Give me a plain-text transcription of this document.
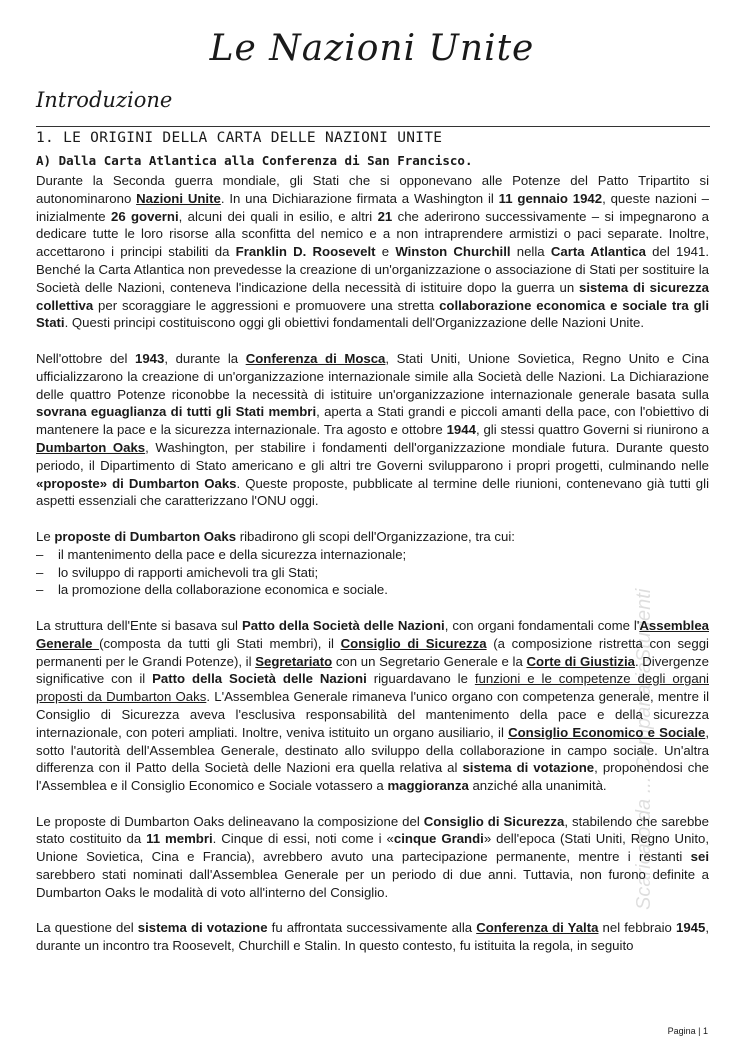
Le Nazioni Unite
Introduzione
1. LE ORIGINI DELLA CARTA DELLE NAZIONI UNITE
A) Dalla Carta Atlantica alla Conferenza di San Francisco.

Durante la Seconda guerra mondiale, gli Stati che si opponevano alle Potenze del Patto Tripartito si autonominarono Nazioni Unite. In una Dichiarazione firmata a Washington il 11 gennaio 1942, queste nazioni – inizialmente 26 governi, alcuni dei quali in esilio, e altri 21 che aderirono successivamente – si impegnarono a dedicare tutte le loro risorse alla sconfitta del nemico e a non intraprendere armistizi o paci separate. Inoltre, accettarono i principi stabiliti da Franklin D. Roosevelt e Winston Churchill nella Carta Atlantica del 1941. Benché la Carta Atlantica non prevedesse la creazione di un'organizzazione o associazione di Stati per sostituire la Società delle Nazioni, conteneva l'indicazione della necessità di istituire dopo la guerra un sistema di sicurezza collettiva per scoraggiare le aggressioni e promuovere una stretta collaborazione economica e sociale tra gli Stati. Questi principi costituiscono oggi gli obiettivi fondamentali dell'Organizzazione delle Nazioni Unite.

Nell'ottobre del 1943, durante la Conferenza di Mosca, Stati Uniti, Unione Sovietica, Regno Unito e Cina ufficializzarono la creazione di un'organizzazione internazionale simile alla Società delle Nazioni. La Dichiarazione delle quattro Potenze riconobbe la necessità di istituire un'organizzazione internazionale generale basata sulla sovrana eguaglianza di tutti gli Stati membri, aperta a Stati grandi e piccoli amanti della pace, con l'obiettivo di mantenere la pace e la sicurezza internazionale. Tra agosto e ottobre 1944, gli stessi quattro Governi si riunirono a Dumbarton Oaks, Washington, per stabilire i fondamenti dell'organizzazione mondiale futura. Durante questo periodo, il Dipartimento di Stato americano e gli altri tre Governi svilupparono i propri progetti, culminando nelle «proposte» di Dumbarton Oaks. Queste proposte, pubblicate al termine delle riunioni, contenevano già tutti gli aspetti essenziali che caratterizzano l'ONU oggi.

Le proposte di Dumbarton Oaks ribadirono gli scopi dell'Organizzazione, tra cui:

– il mantenimento della pace e della sicurezza internazionale;
– lo sviluppo di rapporti amichevoli tra gli Stati;
– la promozione della collaborazione economica e sociale.

La struttura dell'Ente si basava sul Patto della Società delle Nazioni, con organi fondamentali come l'Assemblea Generale (composta da tutti gli Stati membri), il Consiglio di Sicurezza (a composizione ristretta con seggi permanenti per le Grandi Potenze), il Segretariato con un Segretario Generale e la Corte di Giustizia. Divergenze significative con il Patto della Società delle Nazioni riguardavano le funzioni e le competenze degli organi proposti da Dumbarton Oaks. L'Assemblea Generale rimaneva l'unico organo con competenza generale, mentre il Consiglio di Sicurezza aveva l'esclusiva responsabilità del mantenimento della pace e della sicurezza internazionale, con poteri ampliati. Inoltre, veniva istituito un organo ausiliario, il Consiglio Economico e Sociale, sotto l'autorità dell'Assemblea Generale, destinato allo sviluppo della collaborazione in campo sociale. Un'altra differenza con il Patto della Società delle Nazioni era quella relativa al sistema di votazione, proponendosi che l'Assemblea e il Consiglio Economico e Sociale votassero a maggioranza anziché alla unanimità.

Le proposte di Dumbarton Oaks delineavano la composizione del Consiglio di Sicurezza, stabilendo che sarebbe stato costituito da 11 membri. Cinque di essi, noti come i «cinque Grandi» dell'epoca (Stati Uniti, Regno Unito, Unione Sovietica, Cina e Francia), avrebbero avuto una partecipazione permanente, mentre i restanti sei sarebbero stati nominati dall'Assemblea Generale per un periodo di due anni. Tuttavia, non furono definite a Dumbarton Oaks le modalità di voto all'interno del Consiglio.

La questione del sistema di votazione fu affrontata successivamente alla Conferenza di Yalta nel febbraio 1945, durante un incontro tra Roosevelt, Churchill e Stalin. In questo contesto, fu istituita la regola, in seguito

Scaricato da ... CampanariaStudenti
Pagina | 1
